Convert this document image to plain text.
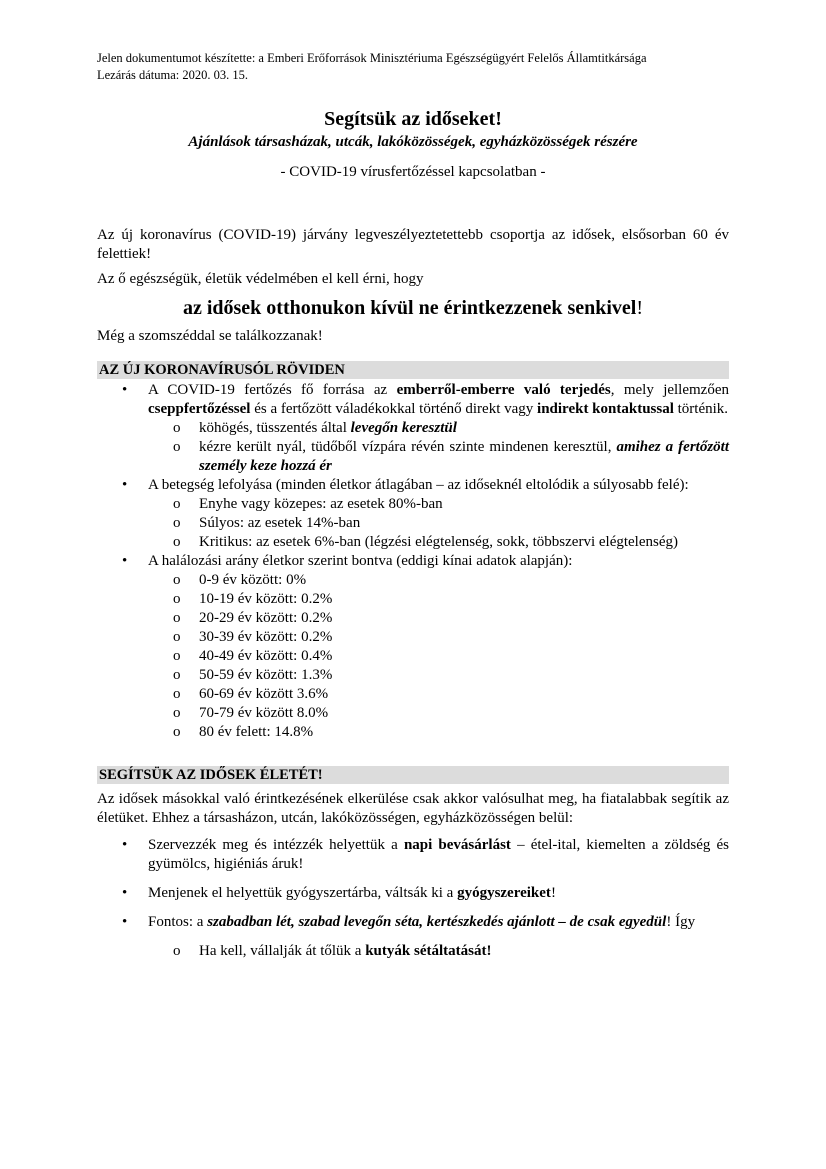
Jelen dokumentumot készítette: a Emberi Erőforrások Minisztériuma Egészségügyért Felelős Államtitkársága
Lezárás dátuma: 2020. 03. 15.
Segítsük az időseket!
Ajánlások társasházak, utcák, lakóközösségek, egyházközösségek részére
- COVID-19 vírusfertőzéssel kapcsolatban -

Az új koronavírus (COVID-19) járvány legveszélyeztetettebb csoportja az idősek, elsősorban 60 év felettiek!

Az ő egészségük, életük védelmében el kell érni, hogy

az idősek otthonukon kívül ne érintkezzenek senkivel!

Még a szomszéddal se találkozzanak!

AZ ÚJ KORONAVÍRUSÓL RÖVIDEN
• A COVID-19 fertőzés fő forrása az emberről-emberre való terjedés, mely jellemzően cseppfertőzéssel és a fertőzött váladékokkal történő direkt vagy indirekt kontaktussal történik.
o köhögés, tüsszentés által levegőn keresztül
o kézre került nyál, tüdőből vízpára révén szinte mindenen keresztül, amihez a fertőzött személy keze hozzá ér
• A betegség lefolyása (minden életkor átlagában – az időseknél eltolódik a súlyosabb felé):
o Enyhe vagy közepes: az esetek 80%-ban
o Súlyos: az esetek 14%-ban
o Kritikus: az esetek 6%-ban (légzési elégtelenség, sokk, többszervi elégtelenség)
• A halálozási arány életkor szerint bontva (eddigi kínai adatok alapján):
o 0-9 év között: 0%
o 10-19 év között: 0.2%
o 20-29 év között: 0.2%
o 30-39 év között: 0.2%
o 40-49 év között: 0.4%
o 50-59 év között: 1.3%
o 60-69 év között 3.6%
o 70-79 év között 8.0%
o 80 év felett: 14.8%
SEGÍTSÜK AZ IDŐSEK ÉLETÉT!

Az idősek másokkal való érintkezésének elkerülése csak akkor valósulhat meg, ha fiatalabbak segítik az életüket. Ehhez a társasházon, utcán, lakóközösségen, egyházközösségen belül:

• Szervezzék meg és intézzék helyettük a napi bevásárlást – étel-ital, kiemelten a zöldség és gyümölcs, higiéniás áruk!
• Menjenek el helyettük gyógyszertárba, váltsák ki a gyógyszereiket!
• Fontos: a szabadban lét, szabad levegőn séta, kertészkedés ajánlott – de csak egyedül! Így
o Ha kell, vállalják át tőlük a kutyák sétáltatását!
